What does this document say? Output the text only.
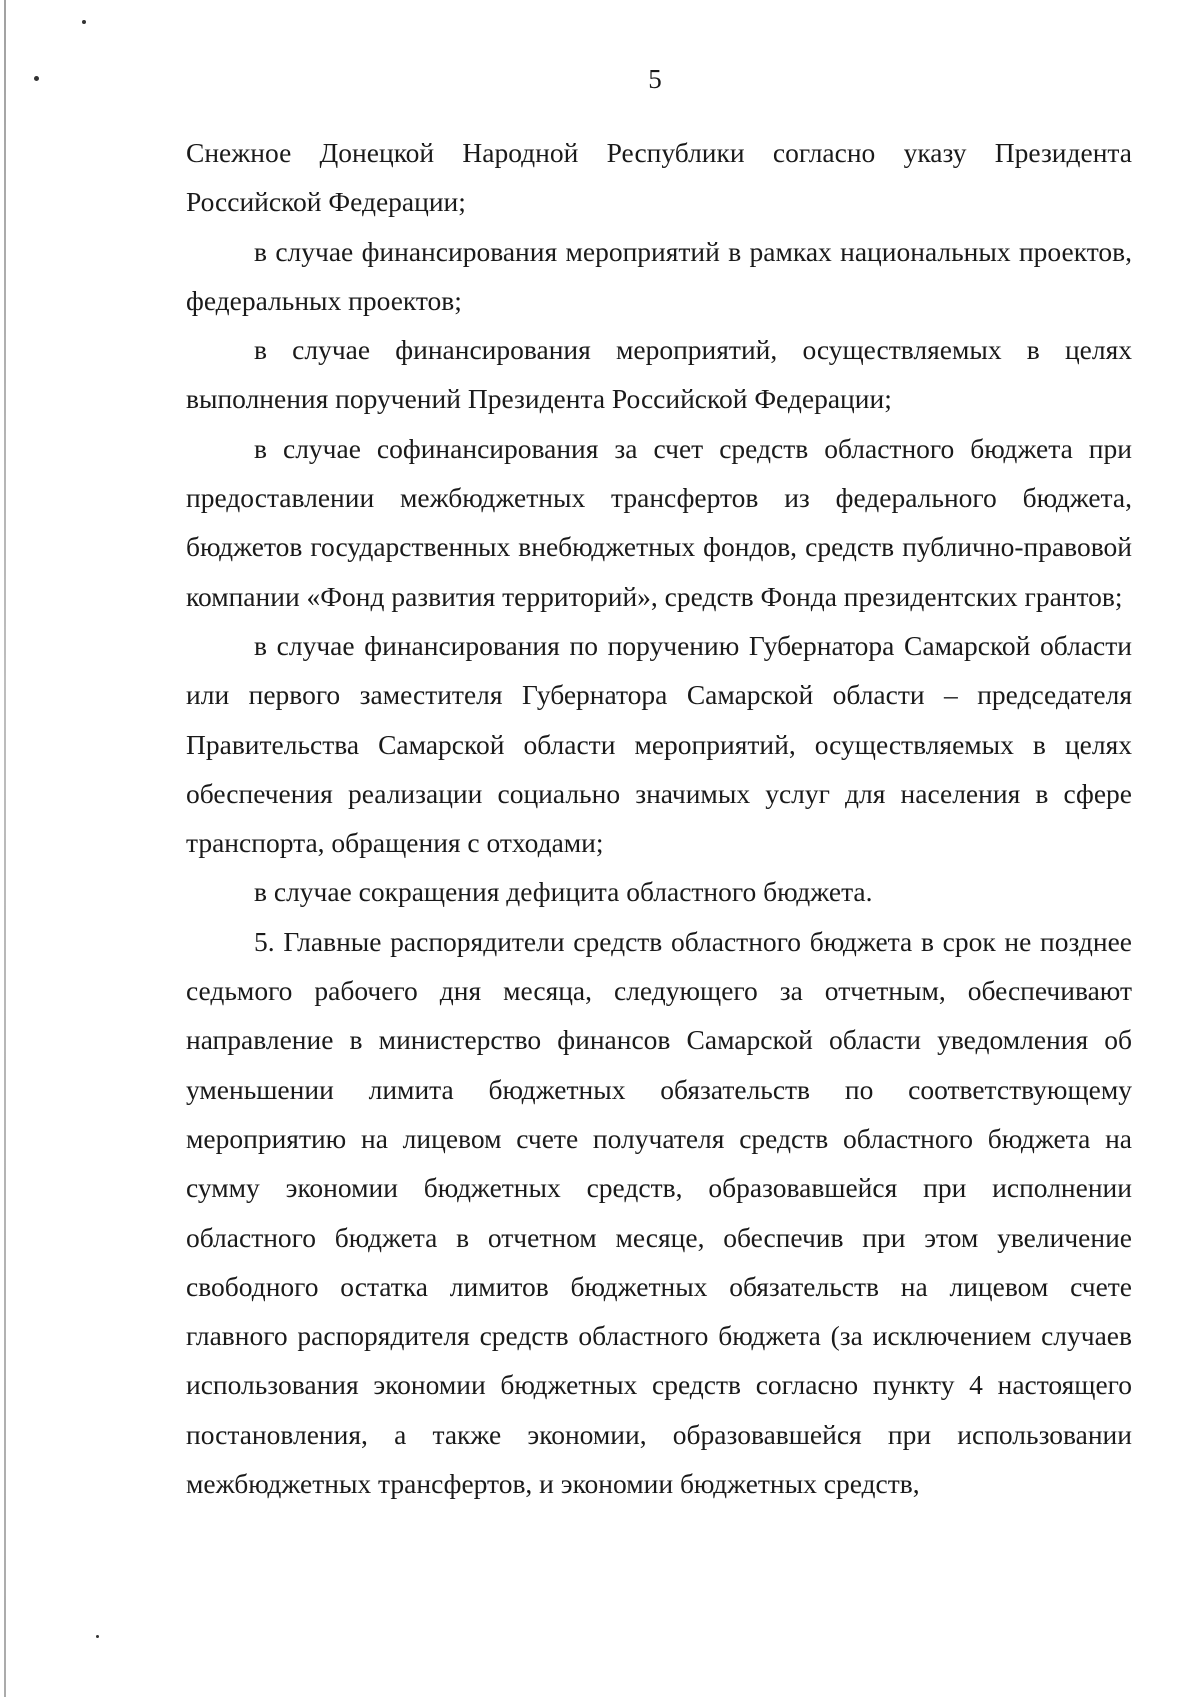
5

Снежное Донецкой Народной Республики согласно указу Президента Российской Федерации;

в случае финансирования мероприятий в рамках национальных проектов, федеральных проектов;

в случае финансирования мероприятий, осуществляемых в целях выполнения поручений Президента Российской Федерации;

в случае софинансирования за счет средств областного бюджета при предоставлении межбюджетных трансфертов из федерального бюджета, бюджетов государственных внебюджетных фондов, средств публично-правовой компании «Фонд развития территорий», средств Фонда президентских грантов;

в случае финансирования по поручению Губернатора Самарской области или первого заместителя Губернатора Самарской области – председателя Правительства Самарской области мероприятий, осуществляемых в целях обеспечения реализации социально значимых услуг для населения в сфере транспорта, обращения с отходами;

в случае сокращения дефицита областного бюджета.

5. Главные распорядители средств областного бюджета в срок не позднее седьмого рабочего дня месяца, следующего за отчетным, обеспечивают направление в министерство финансов Самарской области уведомления об уменьшении лимита бюджетных обязательств по соответствующему мероприятию на лицевом счете получателя средств областного бюджета на сумму экономии бюджетных средств, образовавшейся при исполнении областного бюджета в отчетном месяце, обеспечив при этом увеличение свободного остатка лимитов бюджетных обязательств на лицевом счете главного распорядителя средств областного бюджета (за исключением случаев использования экономии бюджетных средств согласно пункту 4 настоящего постановления, а также экономии, образовавшейся при использовании межбюджетных трансфертов, и экономии бюджетных средств,
